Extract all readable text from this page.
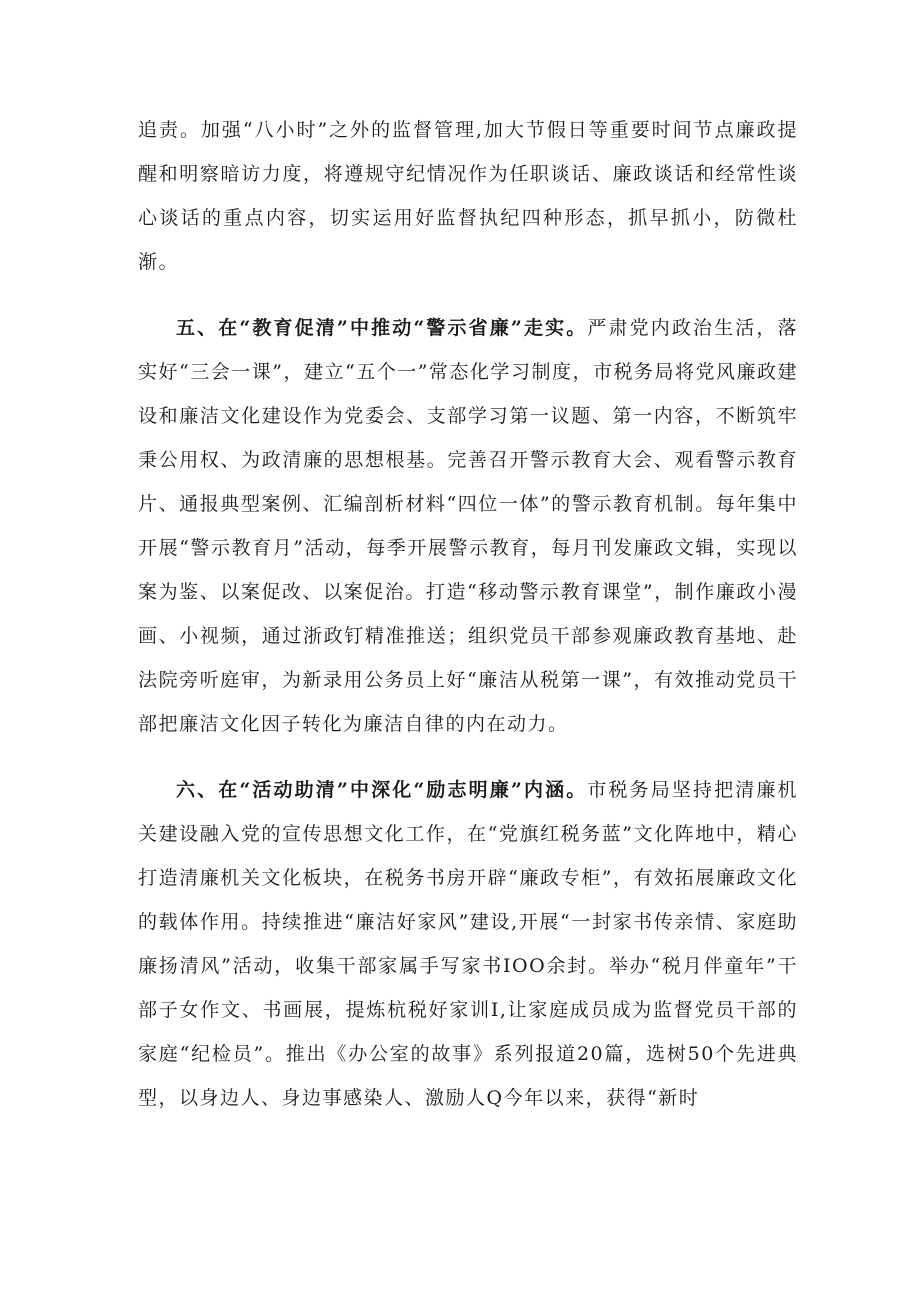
追责。加强“八小时”之外的监督管理,加大节假日等重要时间节点廉政提醒和明察暗访力度，将遵规守纪情况作为任职谈话、廉政谈话和经常性谈心谈话的重点内容，切实运用好监督执纪四种形态，抓早抓小，防微杜渐。

五、在“教育促清”中推动“警示省廉”走实。严肃党内政治生活，落实好“三会一课”，建立“五个一”常态化学习制度，市税务局将党风廉政建设和廉洁文化建设作为党委会、支部学习第一议题、第一内容，不断筑牢秉公用权、为政清廉的思想根基。完善召开警示教育大会、观看警示教育片、通报典型案例、汇编剖析材料“四位一体”的警示教育机制。每年集中开展“警示教育月”活动，每季开展警示教育，每月刊发廉政文辑，实现以案为鉴、以案促改、以案促治。打造“移动警示教育课堂”，制作廉政小漫画、小视频，通过浙政钉精准推送；组织党员干部参观廉政教育基地、赴法院旁听庭审，为新录用公务员上好“廉洁从税第一课”，有效推动党员干部把廉洁文化因子转化为廉洁自律的内在动力。

六、在“活动助清”中深化“励志明廉”内涵。市税务局坚持把清廉机关建设融入党的宣传思想文化工作，在“党旗红税务蓝”文化阵地中，精心打造清廉机关文化板块，在税务书房开辟“廉政专柜”，有效拓展廉政文化的载体作用。持续推进“廉洁好家风”建设,开展“一封家书传亲情、家庭助廉扬清风”活动，收集干部家属手写家书IOO余封。举办“税月伴童年”干部子女作文、书画展，提炼杭税好家训I,让家庭成员成为监督党员干部的家庭“纪检员”。推出《办公室的故事》系列报道20篇，选树50个先进典型，以身边人、身边事感染人、激励人Q今年以来，获得“新时
